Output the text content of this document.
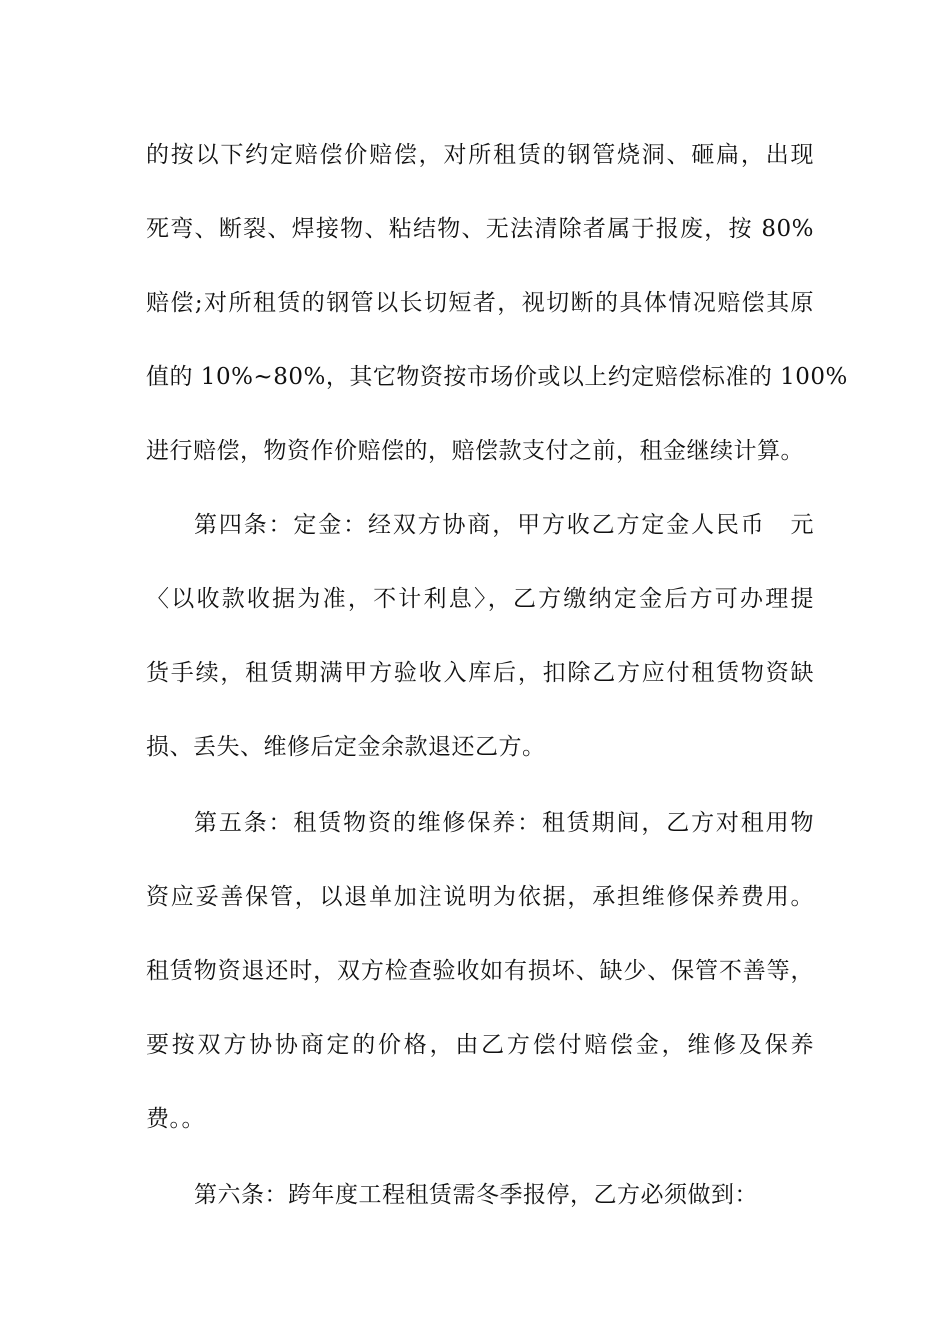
的按以下约定赔偿价赔偿，对所租赁的钢管烧洞、砸扁，出现
死弯、断裂、焊接物、粘结物、无法清除者属于报废，按 80%
赔偿;对所租赁的钢管以长切短者，视切断的具体情况赔偿其原
值的 10%~80%，其它物资按市场价或以上约定赔偿标准的 100%
进行赔偿，物资作价赔偿的，赔偿款支付之前，租金继续计算。
第四条：定金：经双方协商，甲方收乙方定金人民币　元
〈以收款收据为准，不计利息〉，乙方缴纳定金后方可办理提
货手续，租赁期满甲方验收入库后，扣除乙方应付租赁物资缺
损、丢失、维修后定金余款退还乙方。
第五条：租赁物资的维修保养：租赁期间，乙方对租用物
资应妥善保管，以退单加注说明为依据，承担维修保养费用。
租赁物资退还时，双方检查验收如有损坏、缺少、保管不善等，
要按双方协协商定的价格，由乙方偿付赔偿金，维修及保养
费。。
第六条：跨年度工程租赁需冬季报停，乙方必须做到：
